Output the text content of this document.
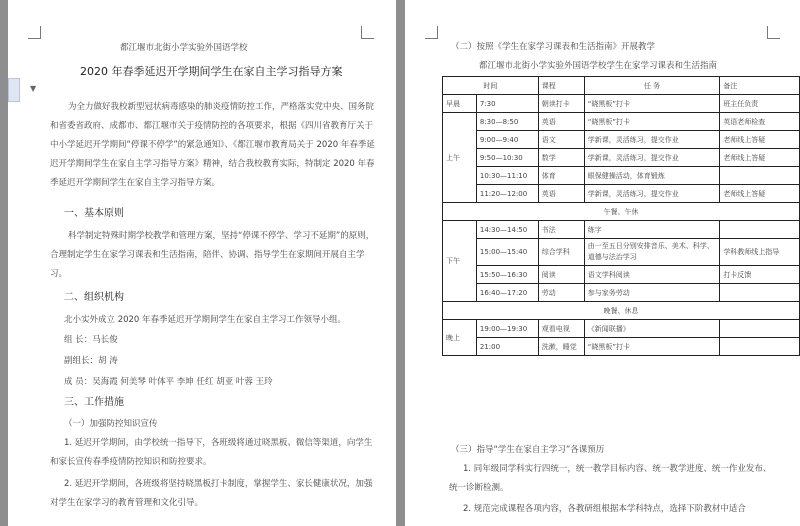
▼
都江堰市北街小学实验外国语学校
2020 年春季延迟开学期间学生在家自主学习指导方案
为全力做好我校新型冠状病毒感染的肺炎疫情防控工作，严格落实党中央、国务院和省委省政府、成都市、都江堰市关于疫情防控的各项要求，根据《四川省教育厅关于中小学延迟开学期间“停课不停学”的紧急通知》、《都江堰市教育局关于 2020 年春季延迟开学期间学生在家自主学习指导方案》精神，结合我校教育实际，特制定 2020 年春季延迟开学期间学生在家自主学习指导方案。
一、基本原则
科学制定特殊时期学校教学和管理方案，坚持“停课不停学、学习不延期”的原则，合理制定学生在家学习课表和生活指南，陪伴、协调、指导学生在家期间开展自主学习。
二、组织机构
北小实外成立 2020 年春季延迟开学期间学生在家自主学习工作领导小组。
组 长：马长俊
副组长：胡 涛
成 员：吴海霞 何美琴 叶体平 李坤 任红 胡亚 叶蓉 王玲
三、工作措施
（一）加强防控知识宣传
1. 延迟开学期间，由学校统一指导下，各班级将通过晓黑板、微信等渠道，向学生和家长宣传春季疫情防控知识和防控要求。
2. 延迟开学期间，各班级将坚持晓黑板打卡制度，掌握学生、家长健康状况，加强对学生在家学习的教育管理和文化引导。
（二）按照《学生在家学习课表和生活指南》开展教学
都江堰市北街小学实验外国语学校学生在家学习课表和生活指南
时间		课程	任 务	备注
早晨	7:30	朝读打卡	“晓黑板”打卡	班主任负责
上午	8:30—8:50	英语	“晓黑板”打卡	英语老师检查
	9:00—9:40	语文	学新课，灵活练习，提交作业	老师线上答疑
	9:50—10:30	数学	学新课，灵活练习，提交作业	老师线上答疑
	10:30—11:10	体育	眼保健操活动，体育锻炼	
	11:20—12:00	英语	学新课，灵活练习，提交作业	老师线上答疑
午餐、午休				
下午	14:30—14:50	书法	练字	
	15:00—15:40	综合学科	由一至五日分别安排音乐、美术、科学、道德与法治学习	学科教师线上指导
	15:50—16:30	阅读	语文学科阅读	打卡反馈
	16:40—17:20	劳动	参与家务劳动	
晚餐、休息				
晚上	19:00—19:30	观看电视	《新闻联播》	
	21:00	洗漱，睡觉	“晓黑板”打卡	
（三）指导“学生在家自主学习”各课预历
1. 同年级同学科实行四统一，统一教学目标内容、统一教学进度、统一作业发布、统一诊断检测。
2. 规范完成课程各项内容，各教研组根据本学科特点，选择下阶教材中适合
